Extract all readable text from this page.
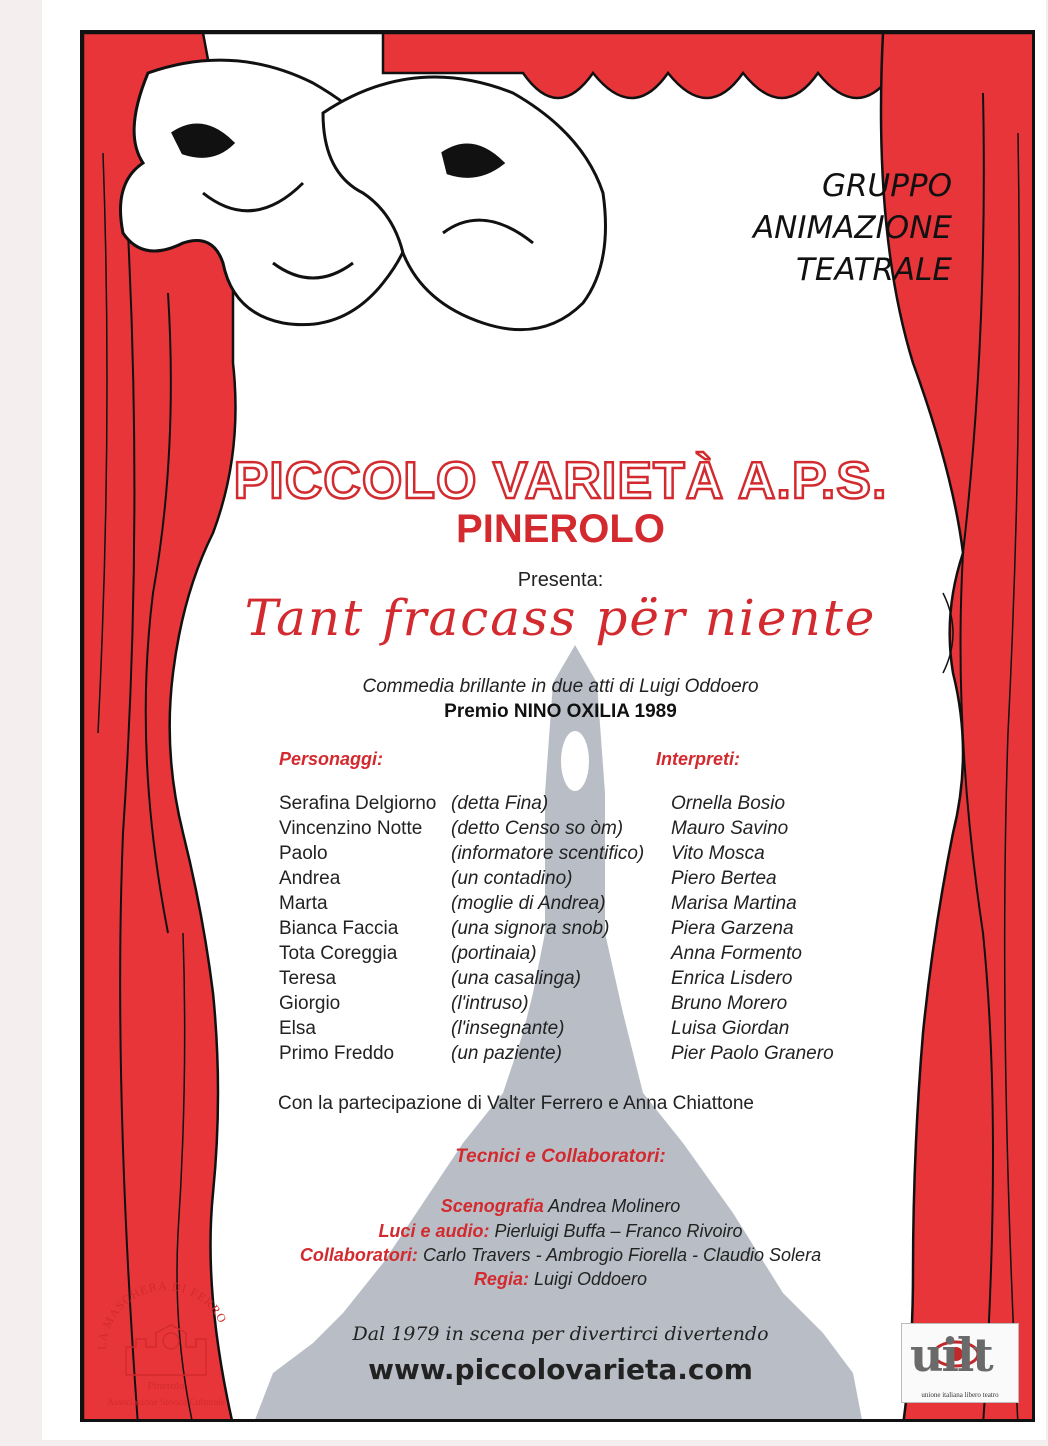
GRUPPO
ANIMAZIONE
TEATRALE
PICCOLO VARIETÀ A.P.S.
PINEROLO
Presenta:
Tant fracass për niente
Commedia brillante in due atti di Luigi Oddoero
Premio NINO OXILIA 1989
Personaggi:	Interpreti:
Serafina Delgiorno
Vincenzino Notte
Paolo
Andrea
Marta
Bianca Faccia
Tota Coreggia
Teresa
Giorgio
Elsa
Primo Freddo
(detta Fina)
(detto Censo so òm)
(informatore scentifico)
(un contadino)
(moglie di Andrea)
(una signora snob)
(portinaia)
(una casalinga)
(l'intruso)
(l'insegnante)
(un paziente)
Ornella Bosio
Mauro Savino
Vito Mosca
Piero Bertea
Marisa Martina
Piera Garzena
Anna Formento
Enrica Lisdero
Bruno Morero
Luisa Giordan
Pier Paolo Granero
Con la partecipazione di Valter Ferrero e Anna Chiattone
Tecnici e Collaboratori:
Scenografia Andrea Molinero
Luci e audio: Pierluigi Buffa – Franco Rivoiro
Collaboratori: Carlo Travers - Ambrogio Fiorella - Claudio Solera
Regia: Luigi Oddoero
Dal 1979 in scena per divertirci divertendo
www.piccolovarieta.com
LA MASCHERA DI FERRO
Pinerolo
Associazione Storica Culturale
uilt
unione italiana libero teatro
